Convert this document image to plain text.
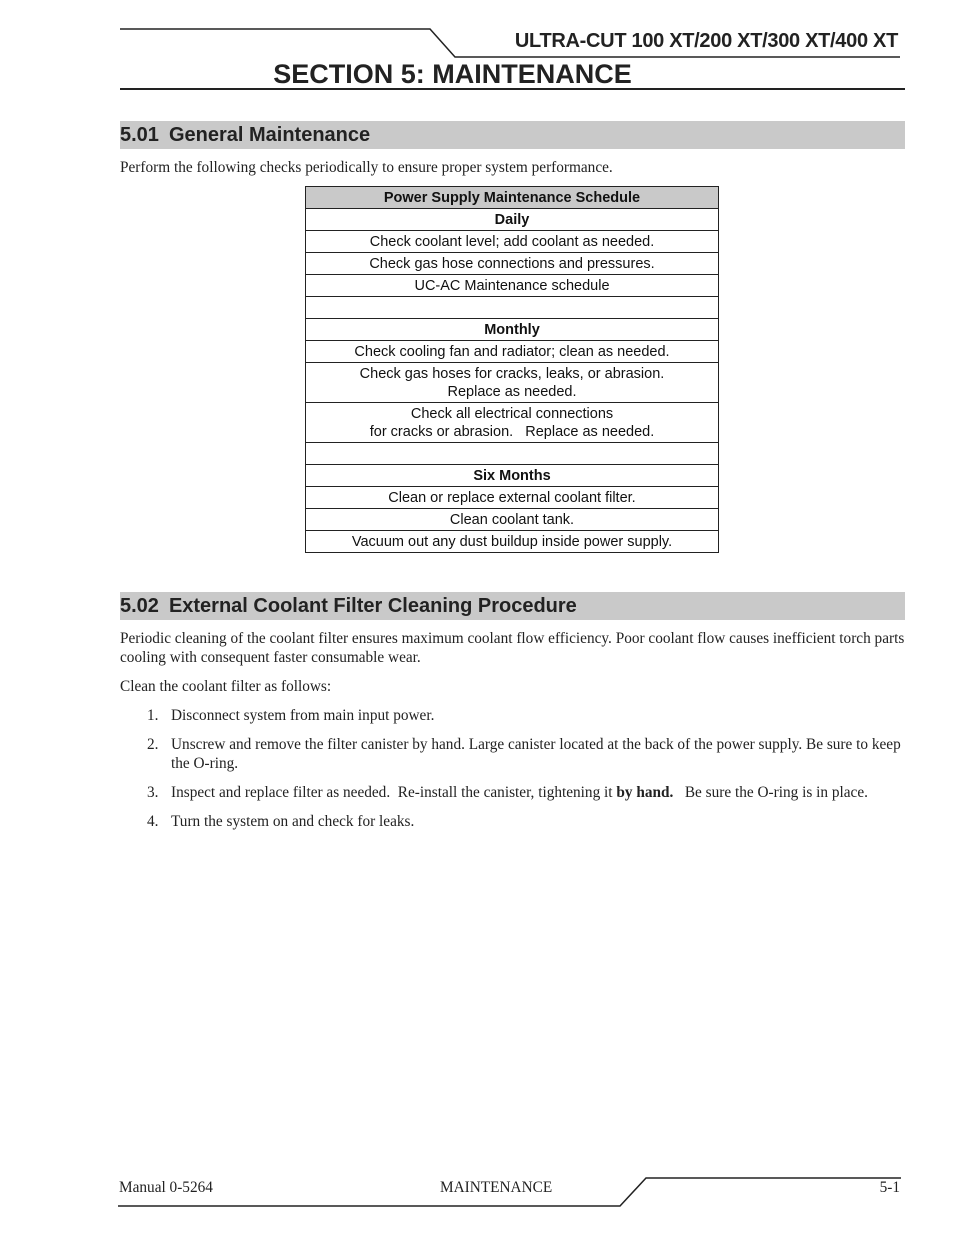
ULTRA-CUT 100 XT/200 XT/300 XT/400 XT
SECTION 5: MAINTENANCE
5.01 General Maintenance
Perform the following checks periodically to ensure proper system performance.
Power Supply Maintenance Schedule
Daily
Check coolant level; add coolant as needed.
Check gas hose connections and pressures.
UC-AC Maintenance schedule

Monthly
Check cooling fan and radiator; clean as needed.

Check gas hoses for cracks, leaks, or abrasion.
Replace as needed.

Check all electrical connections
for cracks or abrasion.   Replace as needed.

Six Months
Clean or replace external coolant filter.
Clean coolant tank.
Vacuum out any dust buildup inside power supply.
5.02 External Coolant Filter Cleaning Procedure
Periodic cleaning of the coolant filter ensures maximum coolant flow efficiency. Poor coolant flow causes inefficient torch parts cooling with consequent faster consumable wear.
Clean the coolant filter as follows:
1. Disconnect system from main input power.
2. Unscrew and remove the filter canister by hand. Large canister located at the back of the power supply. Be sure to keep the O-ring.
3. Inspect and replace filter as needed.  Re-install the canister, tightening it by hand.   Be sure the O-ring is in place.
4. Turn the system on and check for leaks.
Manual 0-5264	MAINTENANCE	5-1
